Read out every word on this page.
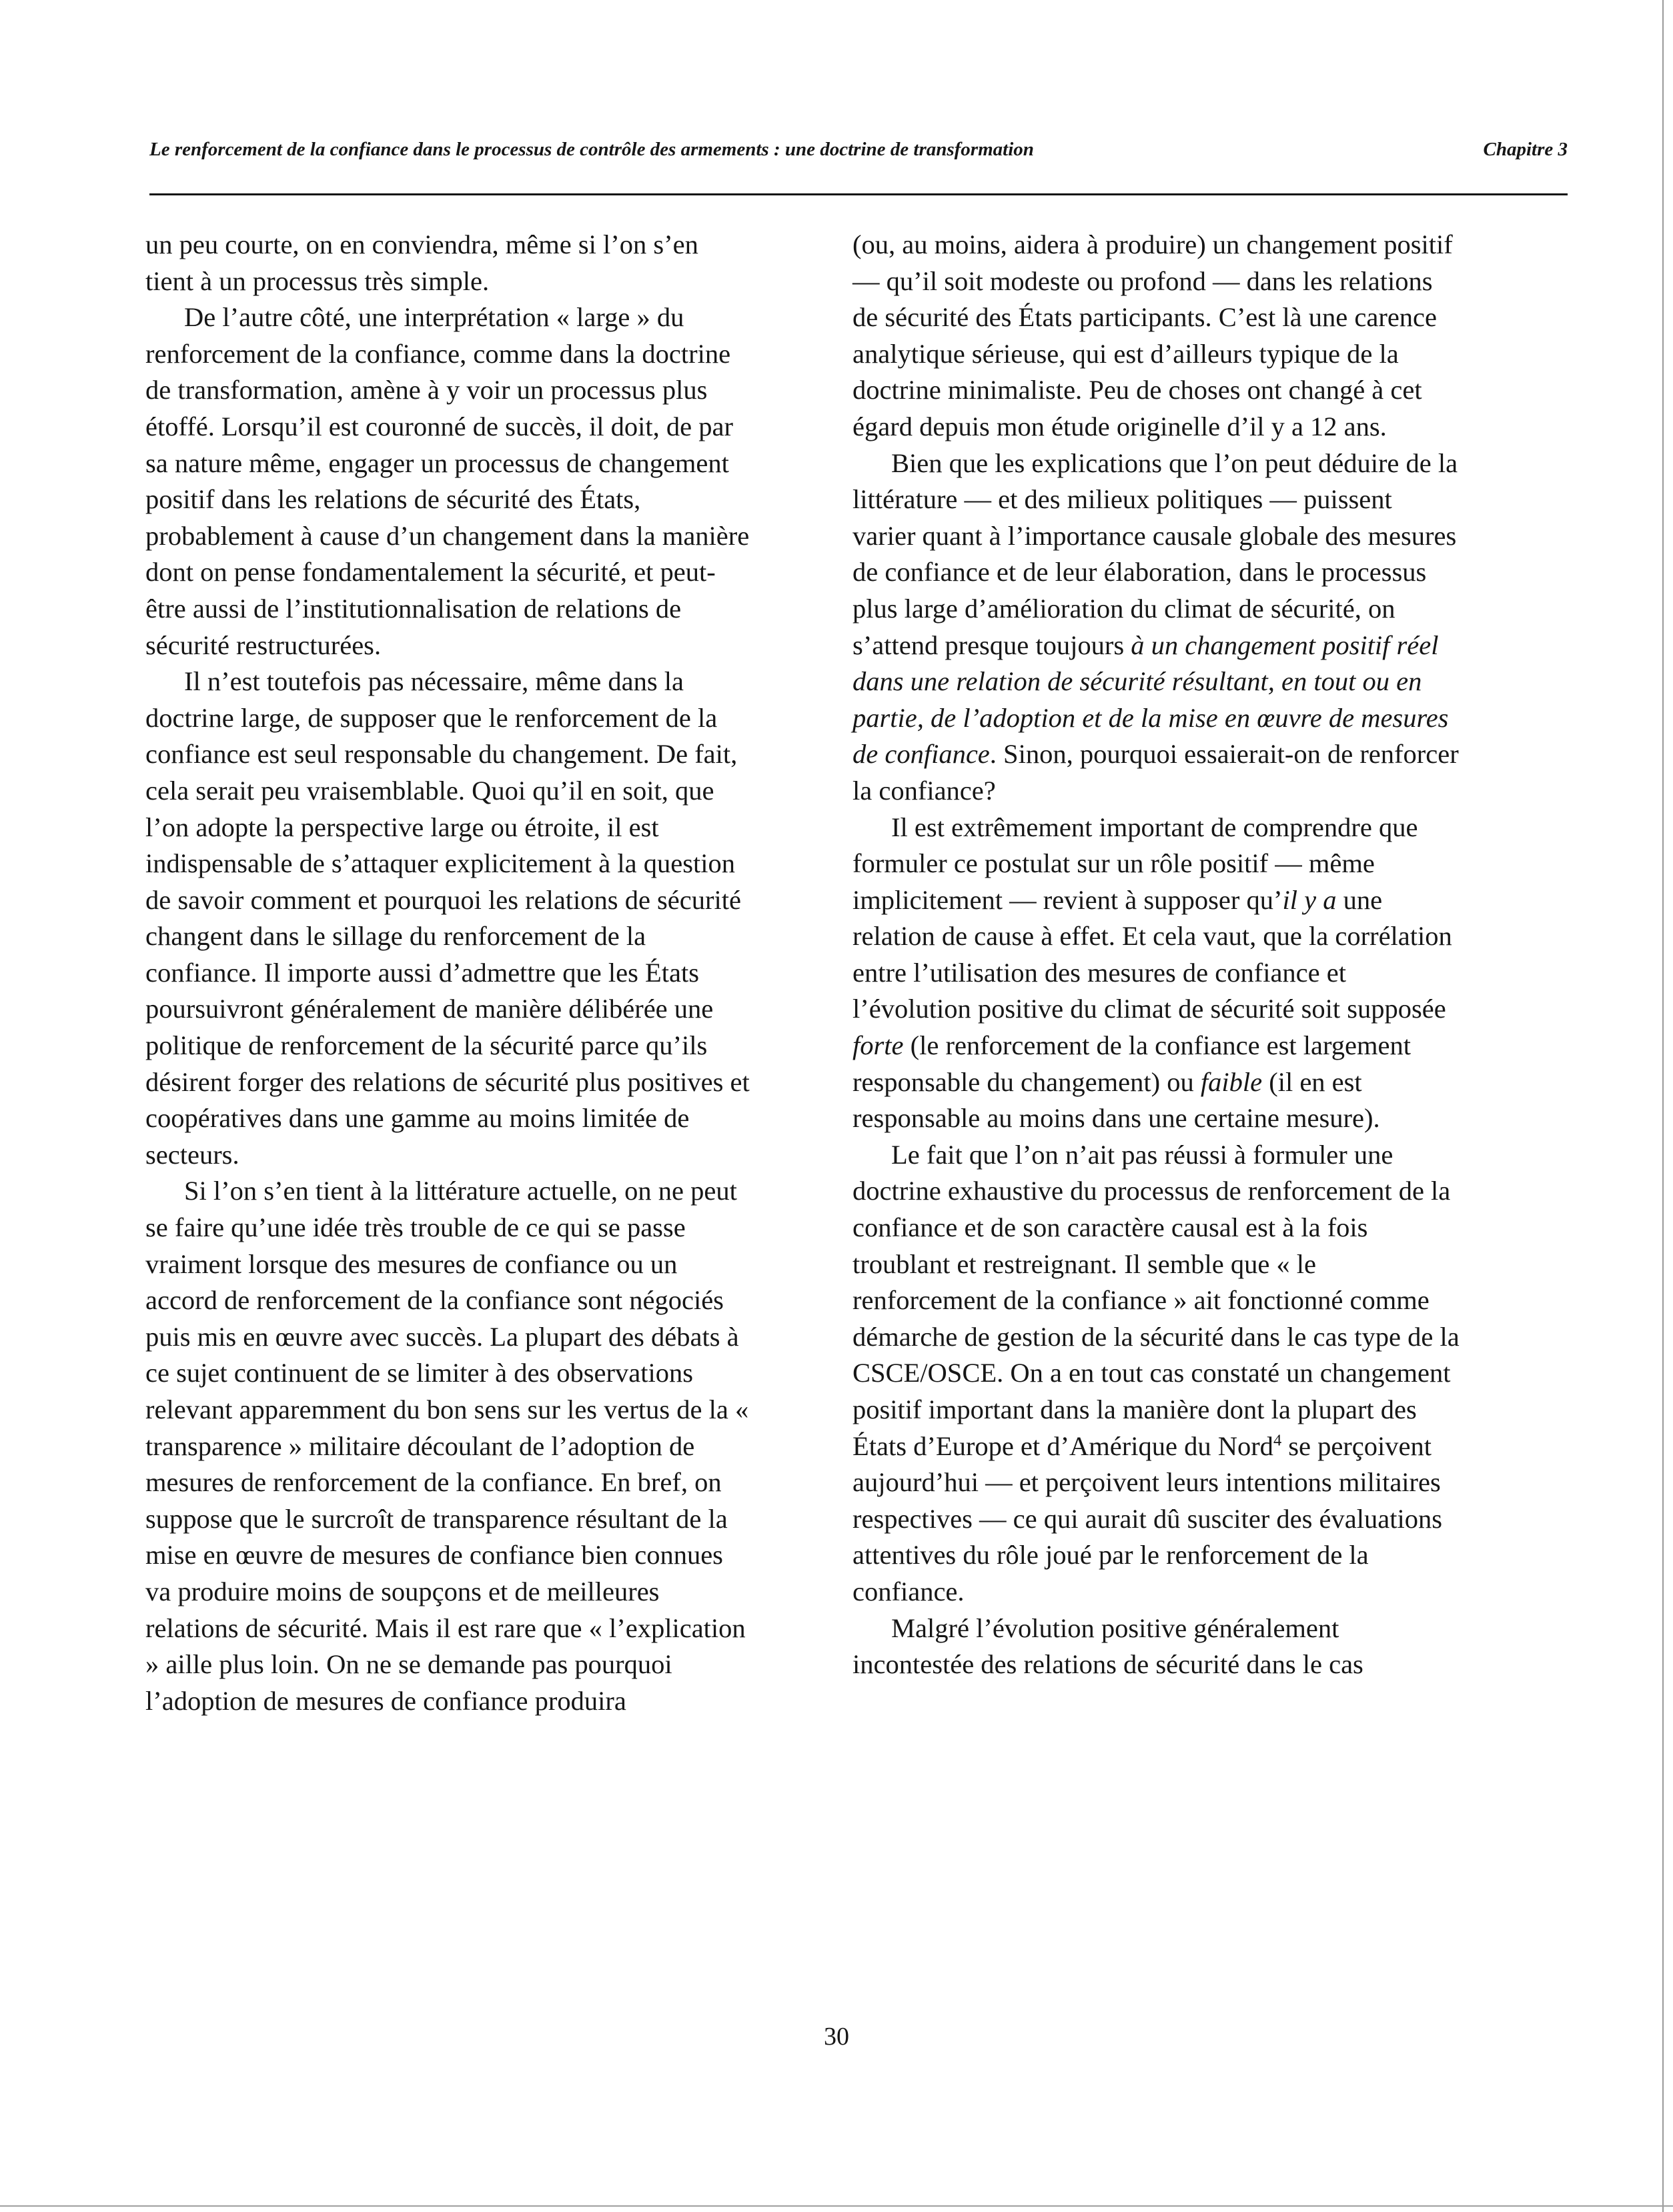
Le renforcement de la confiance dans le processus de contrôle des armements : une doctrine de transformation	Chapitre 3

un peu courte, on en conviendra, même si l’on s’en tient à un processus très simple.

De l’autre côté, une interprétation « large » du renforcement de la confiance, comme dans la doctrine de transformation, amène à y voir un processus plus étoffé. Lorsqu’il est couronné de succès, il doit, de par sa nature même, engager un processus de changement positif dans les relations de sécurité des États, probablement à cause d’un changement dans la manière dont on pense fondamentalement la sécurité, et peut-être aussi de l’institutionnalisation de relations de sécurité restructurées.

Il n’est toutefois pas nécessaire, même dans la doctrine large, de supposer que le renforcement de la confiance est seul responsable du changement. De fait, cela serait peu vraisemblable. Quoi qu’il en soit, que l’on adopte la perspective large ou étroite, il est indispensable de s’attaquer explicitement à la question de savoir comment et pourquoi les relations de sécurité changent dans le sillage du renforcement de la confiance. Il importe aussi d’admettre que les États poursuivront généralement de manière délibérée une politique de renforcement de la sécurité parce qu’ils désirent forger des relations de sécurité plus positives et coopératives dans une gamme au moins limitée de secteurs.

Si l’on s’en tient à la littérature actuelle, on ne peut se faire qu’une idée très trouble de ce qui se passe vraiment lorsque des mesures de confiance ou un accord de renforcement de la confiance sont négociés puis mis en œuvre avec succès. La plupart des débats à ce sujet continuent de se limiter à des observations relevant apparemment du bon sens sur les vertus de la « transparence » militaire découlant de l’adoption de mesures de renforcement de la confiance. En bref, on suppose que le surcroît de transparence résultant de la mise en œuvre de mesures de confiance bien connues va produire moins de soupçons et de meilleures relations de sécurité. Mais il est rare que « l’explication » aille plus loin. On ne se demande pas pourquoi l’adoption de mesures de confiance produira

(ou, au moins, aidera à produire) un changement positif — qu’il soit modeste ou profond — dans les relations de sécurité des États participants. C’est là une carence analytique sérieuse, qui est d’ailleurs typique de la doctrine minimaliste. Peu de choses ont changé à cet égard depuis mon étude originelle d’il y a 12 ans.

Bien que les explications que l’on peut déduire de la littérature — et des milieux politiques — puissent varier quant à l’importance causale globale des mesures de confiance et de leur élaboration, dans le processus plus large d’amélioration du climat de sécurité, on s’attend presque toujours à un changement positif réel dans une relation de sécurité résultant, en tout ou en partie, de l’adoption et de la mise en œuvre de mesures de confiance. Sinon, pourquoi essaierait-on de renforcer la confiance?

Il est extrêmement important de comprendre que formuler ce postulat sur un rôle positif — même implicitement — revient à supposer qu’il y a une relation de cause à effet. Et cela vaut, que la corrélation entre l’utilisation des mesures de confiance et l’évolution positive du climat de sécurité soit supposée forte (le renforcement de la confiance est largement responsable du changement) ou faible (il en est responsable au moins dans une certaine mesure).

Le fait que l’on n’ait pas réussi à formuler une doctrine exhaustive du processus de renforcement de la confiance et de son caractère causal est à la fois troublant et restreignant. Il semble que « le renforcement de la confiance » ait fonctionné comme démarche de gestion de la sécurité dans le cas type de la CSCE/OSCE. On a en tout cas constaté un changement positif important dans la manière dont la plupart des États d’Europe et d’Amérique du Nord$^4$ se perçoivent aujourd’hui — et perçoivent leurs intentions militaires respectives — ce qui aurait dû susciter des évaluations attentives du rôle joué par le renforcement de la confiance.

Malgré l’évolution positive généralement incontestée des relations de sécurité dans le cas

30
